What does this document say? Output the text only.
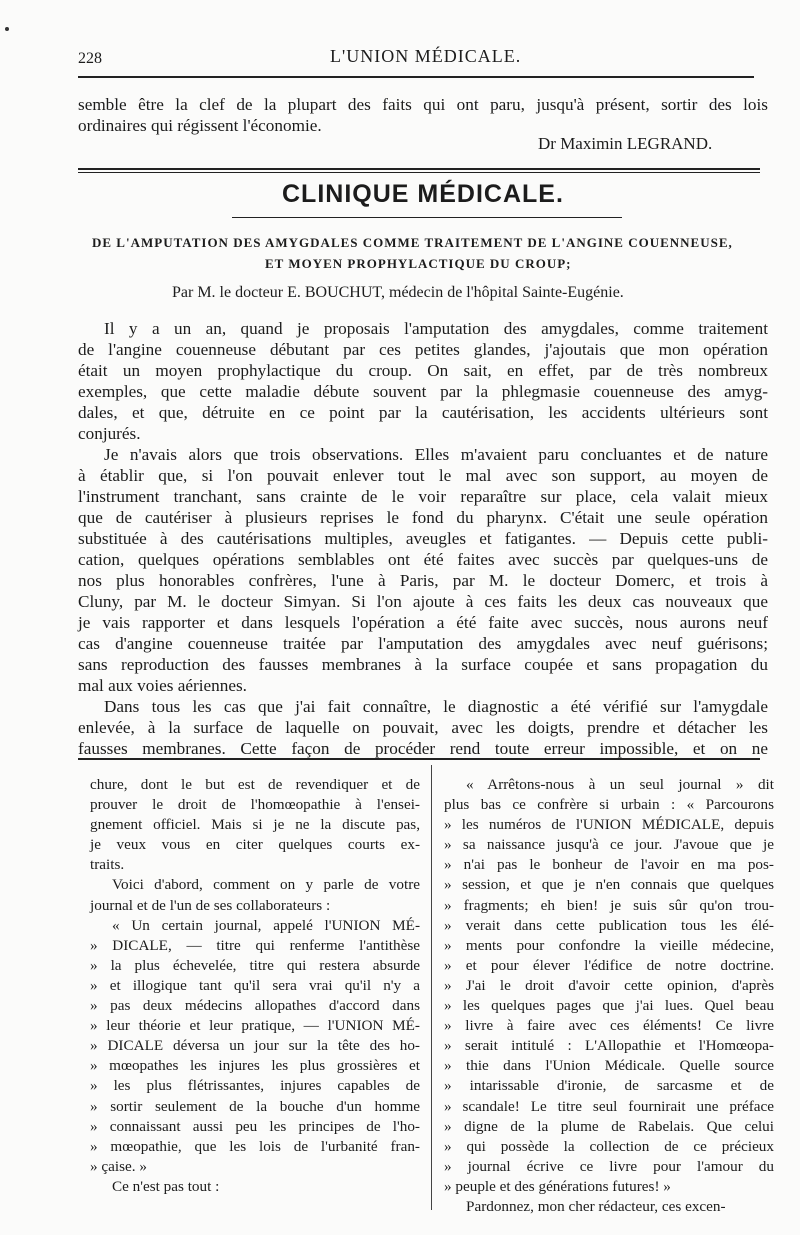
228	L'UNION MÉDICALE.
semble être la clef de la plupart des faits qui ont paru, jusqu'à présent, sortir des lois
ordinaires qui régissent l'économie.
Dr Maximin LEGRAND.
CLINIQUE MÉDICALE.
DE L'AMPUTATION DES AMYGDALES COMME TRAITEMENT DE L'ANGINE COUENNEUSE,
ET MOYEN PROPHYLACTIQUE DU CROUP;
Par M. le docteur E. BOUCHUT, médecin de l'hôpital Sainte-Eugénie.
Il y a un an, quand je proposais l'amputation des amygdales, comme traitement
de l'angine couenneuse débutant par ces petites glandes, j'ajoutais que mon opération
était un moyen prophylactique du croup. On sait, en effet, par de très nombreux
exemples, que cette maladie débute souvent par la phlegmasie couenneuse des amyg-
dales, et que, détruite en ce point par la cautérisation, les accidents ultérieurs sont
conjurés.
Je n'avais alors que trois observations. Elles m'avaient paru concluantes et de nature
à établir que, si l'on pouvait enlever tout le mal avec son support, au moyen de
l'instrument tranchant, sans crainte de le voir reparaître sur place, cela valait mieux
que de cautériser à plusieurs reprises le fond du pharynx. C'était une seule opération
substituée à des cautérisations multiples, aveugles et fatigantes. — Depuis cette publi-
cation, quelques opérations semblables ont été faites avec succès par quelques-uns de
nos plus honorables confrères, l'une à Paris, par M. le docteur Domerc, et trois à
Cluny, par M. le docteur Simyan. Si l'on ajoute à ces faits les deux cas nouveaux que
je vais rapporter et dans lesquels l'opération a été faite avec succès, nous aurons neuf
cas d'angine couenneuse traitée par l'amputation des amygdales avec neuf guérisons;
sans reproduction des fausses membranes à la surface coupée et sans propagation du
mal aux voies aériennes.
Dans tous les cas que j'ai fait connaître, le diagnostic a été vérifié sur l'amygdale
enlevée, à la surface de laquelle on pouvait, avec les doigts, prendre et détacher les
fausses membranes. Cette façon de procéder rend toute erreur impossible, et on ne
chure, dont le but est de revendiquer et de
prouver le droit de l'homœopathie à l'ensei-
gnement officiel. Mais si je ne la discute pas,
je veux vous en citer quelques courts ex-
traits.
Voici d'abord, comment on y parle de votre
journal et de l'un de ses collaborateurs :
« Un certain journal, appelé l'UNION MÉ-
» DICALE, — titre qui renferme l'antithèse
» la plus échevelée, titre qui restera absurde
» et illogique tant qu'il sera vrai qu'il n'y a
» pas deux médecins allopathes d'accord dans
» leur théorie et leur pratique, — l'UNION MÉ-
» DICALE déversa un jour sur la tête des ho-
» mœopathes les injures les plus grossières et
» les plus flétrissantes, injures capables de
» sortir seulement de la bouche d'un homme
» connaissant aussi peu les principes de l'ho-
» mœopathie, que les lois de l'urbanité fran-
» çaise. »
Ce n'est pas tout :
« Arrêtons-nous à un seul journal » dit
plus bas ce confrère si urbain : « Parcourons
» les numéros de l'UNION MÉDICALE, depuis
» sa naissance jusqu'à ce jour. J'avoue que je
» n'ai pas le bonheur de l'avoir en ma pos-
» session, et que je n'en connais que quelques
» fragments; eh bien! je suis sûr qu'on trou-
» verait dans cette publication tous les élé-
» ments pour confondre la vieille médecine,
» et pour élever l'édifice de notre doctrine.
» J'ai le droit d'avoir cette opinion, d'après
» les quelques pages que j'ai lues. Quel beau
» livre à faire avec ces éléments! Ce livre
» serait intitulé : L'Allopathie et l'Homœopa-
» thie dans l'Union Médicale. Quelle source
» intarissable d'ironie, de sarcasme et de
» scandale! Le titre seul fournirait une préface
» digne de la plume de Rabelais. Que celui
» qui possède la collection de ce précieux
» journal écrive ce livre pour l'amour du
» peuple et des générations futures! »
Pardonnez, mon cher rédacteur, ces excen-
